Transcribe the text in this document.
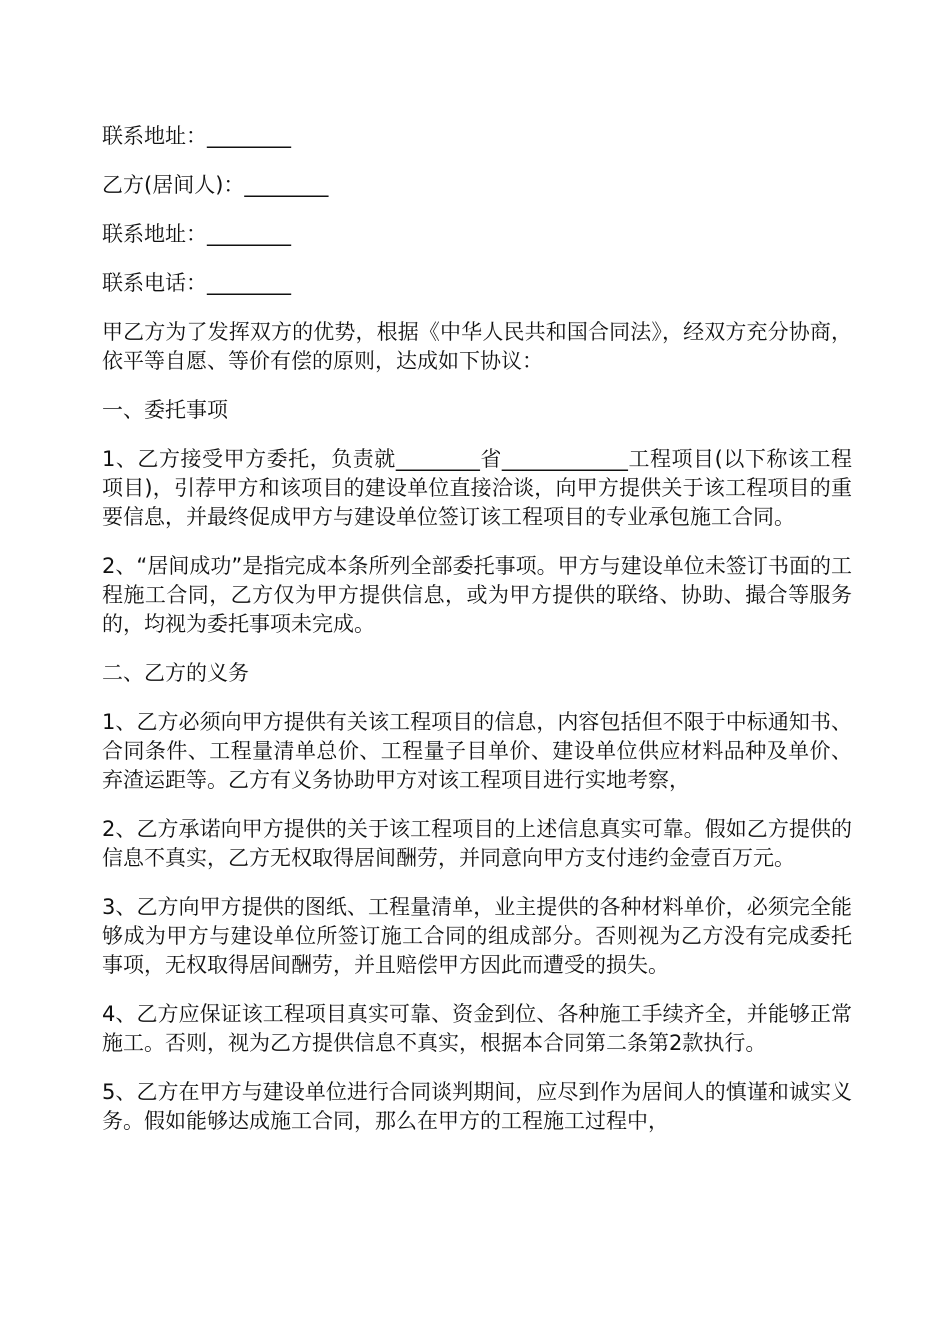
联系地址：________

乙方(居间人)：________

联系地址：________

联系电话：________

甲乙方为了发挥双方的优势，根据《中华人民共和国合同法》，经双方充分协商，依平等自愿、等价有偿的原则，达成如下协议：

一、委托事项

1、乙方接受甲方委托，负责就________省____________工程项目(以下称该工程项目)，引荐甲方和该项目的建设单位直接洽谈，向甲方提供关于该工程项目的重要信息，并最终促成甲方与建设单位签订该工程项目的专业承包施工合同。

2、“居间成功”是指完成本条所列全部委托事项。甲方与建设单位未签订书面的工程施工合同，乙方仅为甲方提供信息，或为甲方提供的联络、协助、撮合等服务的，均视为委托事项未完成。

二、乙方的义务

1、乙方必须向甲方提供有关该工程项目的信息，内容包括但不限于中标通知书、合同条件、工程量清单总价、工程量子目单价、建设单位供应材料品种及单价、弃渣运距等。乙方有义务协助甲方对该工程项目进行实地考察，

2、乙方承诺向甲方提供的关于该工程项目的上述信息真实可靠。假如乙方提供的信息不真实，乙方无权取得居间酬劳，并同意向甲方支付违约金壹百万元。

3、乙方向甲方提供的图纸、工程量清单，业主提供的各种材料单价，必须完全能够成为甲方与建设单位所签订施工合同的组成部分。否则视为乙方没有完成委托事项，无权取得居间酬劳，并且赔偿甲方因此而遭受的损失。

4、乙方应保证该工程项目真实可靠、资金到位、各种施工手续齐全，并能够正常施工。否则，视为乙方提供信息不真实，根据本合同第二条第2款执行。

5、乙方在甲方与建设单位进行合同谈判期间，应尽到作为居间人的慎谨和诚实义务。假如能够达成施工合同，那么在甲方的工程施工过程中，
